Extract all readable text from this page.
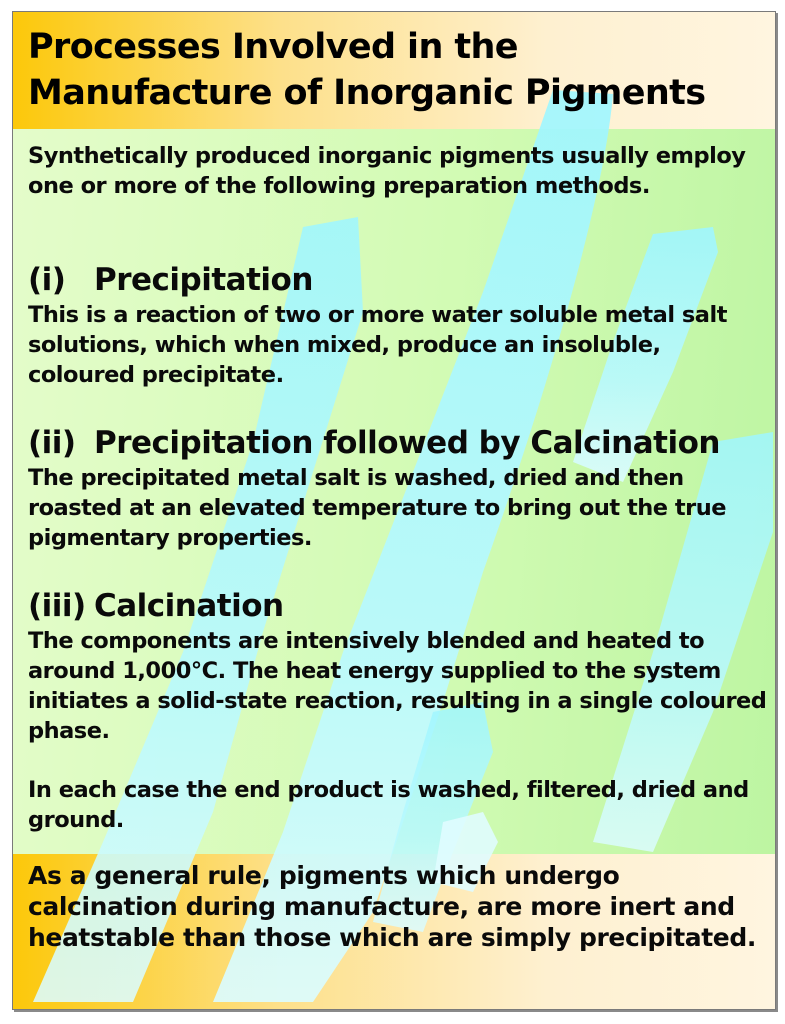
Processes Involved in the
Manufacture of Inorganic Pigments

Synthetically produced inorganic pigments usually employ one or more of the following preparation methods.

(i) Precipitation

This is a reaction of two or more water soluble metal salt solutions, which when mixed, produce an insoluble, coloured precipitate.

(ii) Precipitation followed by Calcination

The precipitated metal salt is washed, dried and then roasted at an elevated temperature to bring out the true pigmentary properties.

(iii) Calcination

The components are intensively blended and heated to around 1,000°C. The heat energy supplied to the system initiates a solid-state reaction, resulting in a single coloured phase.

In each case the end product is washed, filtered, dried and ground.

As a general rule, pigments which undergo calcination during manufacture, are more inert and heatstable than those which are simply precipitated.
